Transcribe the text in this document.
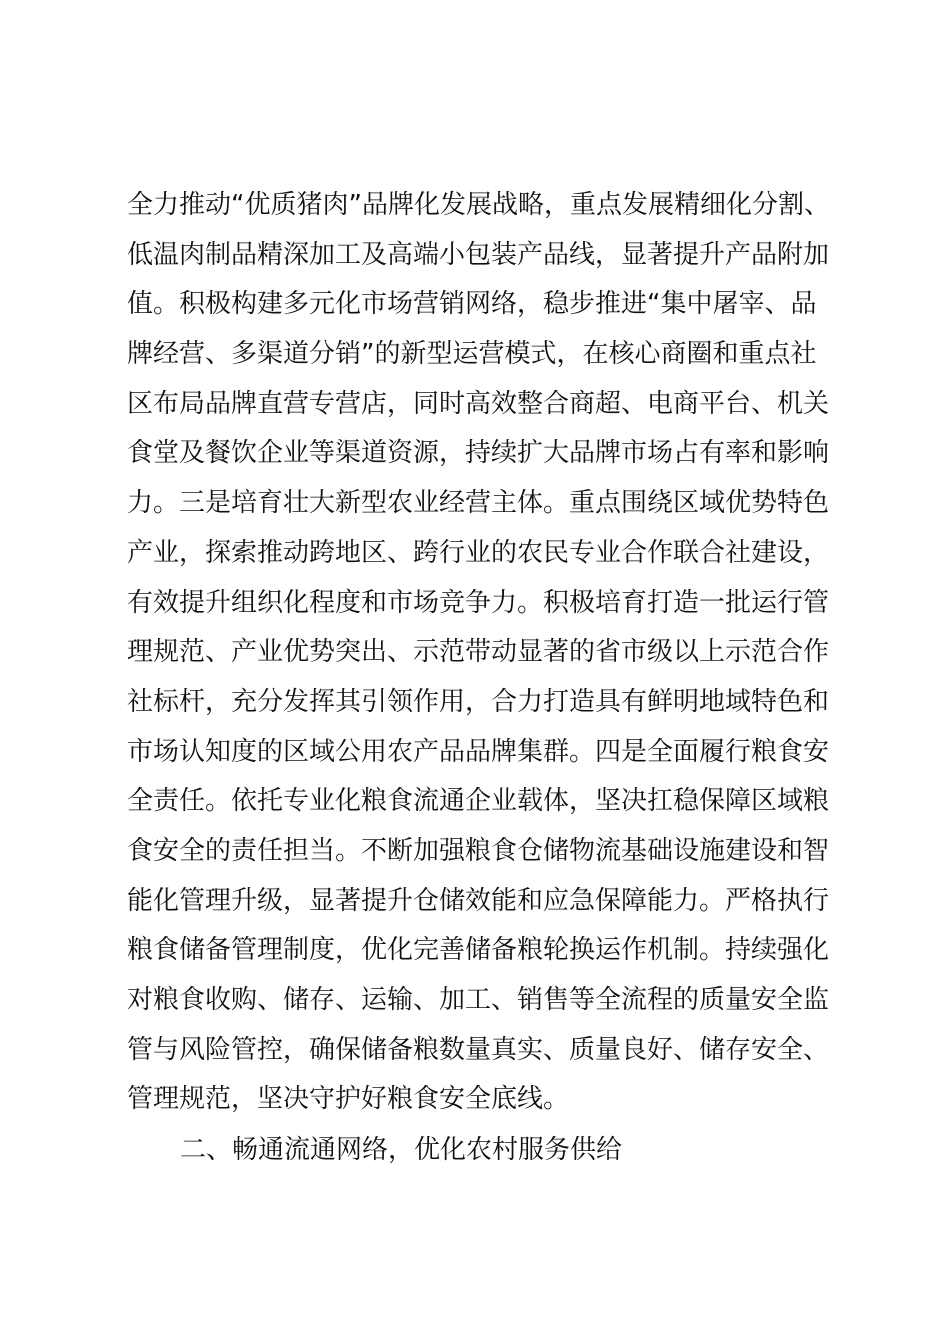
全力推动“优质猪肉”品牌化发展战略，重点发展精细化分割、
低温肉制品精深加工及高端小包装产品线，显著提升产品附加
值。积极构建多元化市场营销网络，稳步推进“集中屠宰、品
牌经营、多渠道分销”的新型运营模式，在核心商圈和重点社
区布局品牌直营专营店，同时高效整合商超、电商平台、机关
食堂及餐饮企业等渠道资源，持续扩大品牌市场占有率和影响
力。三是培育壮大新型农业经营主体。重点围绕区域优势特色
产业，探索推动跨地区、跨行业的农民专业合作联合社建设，
有效提升组织化程度和市场竞争力。积极培育打造一批运行管
理规范、产业优势突出、示范带动显著的省市级以上示范合作
社标杆，充分发挥其引领作用，合力打造具有鲜明地域特色和
市场认知度的区域公用农产品品牌集群。四是全面履行粮食安
全责任。依托专业化粮食流通企业载体，坚决扛稳保障区域粮
食安全的责任担当。不断加强粮食仓储物流基础设施建设和智
能化管理升级，显著提升仓储效能和应急保障能力。严格执行
粮食储备管理制度，优化完善储备粮轮换运作机制。持续强化
对粮食收购、储存、运输、加工、销售等全流程的质量安全监
管与风险管控，确保储备粮数量真实、质量良好、储存安全、
管理规范，坚决守护好粮食安全底线。
二、畅通流通网络，优化农村服务供给
